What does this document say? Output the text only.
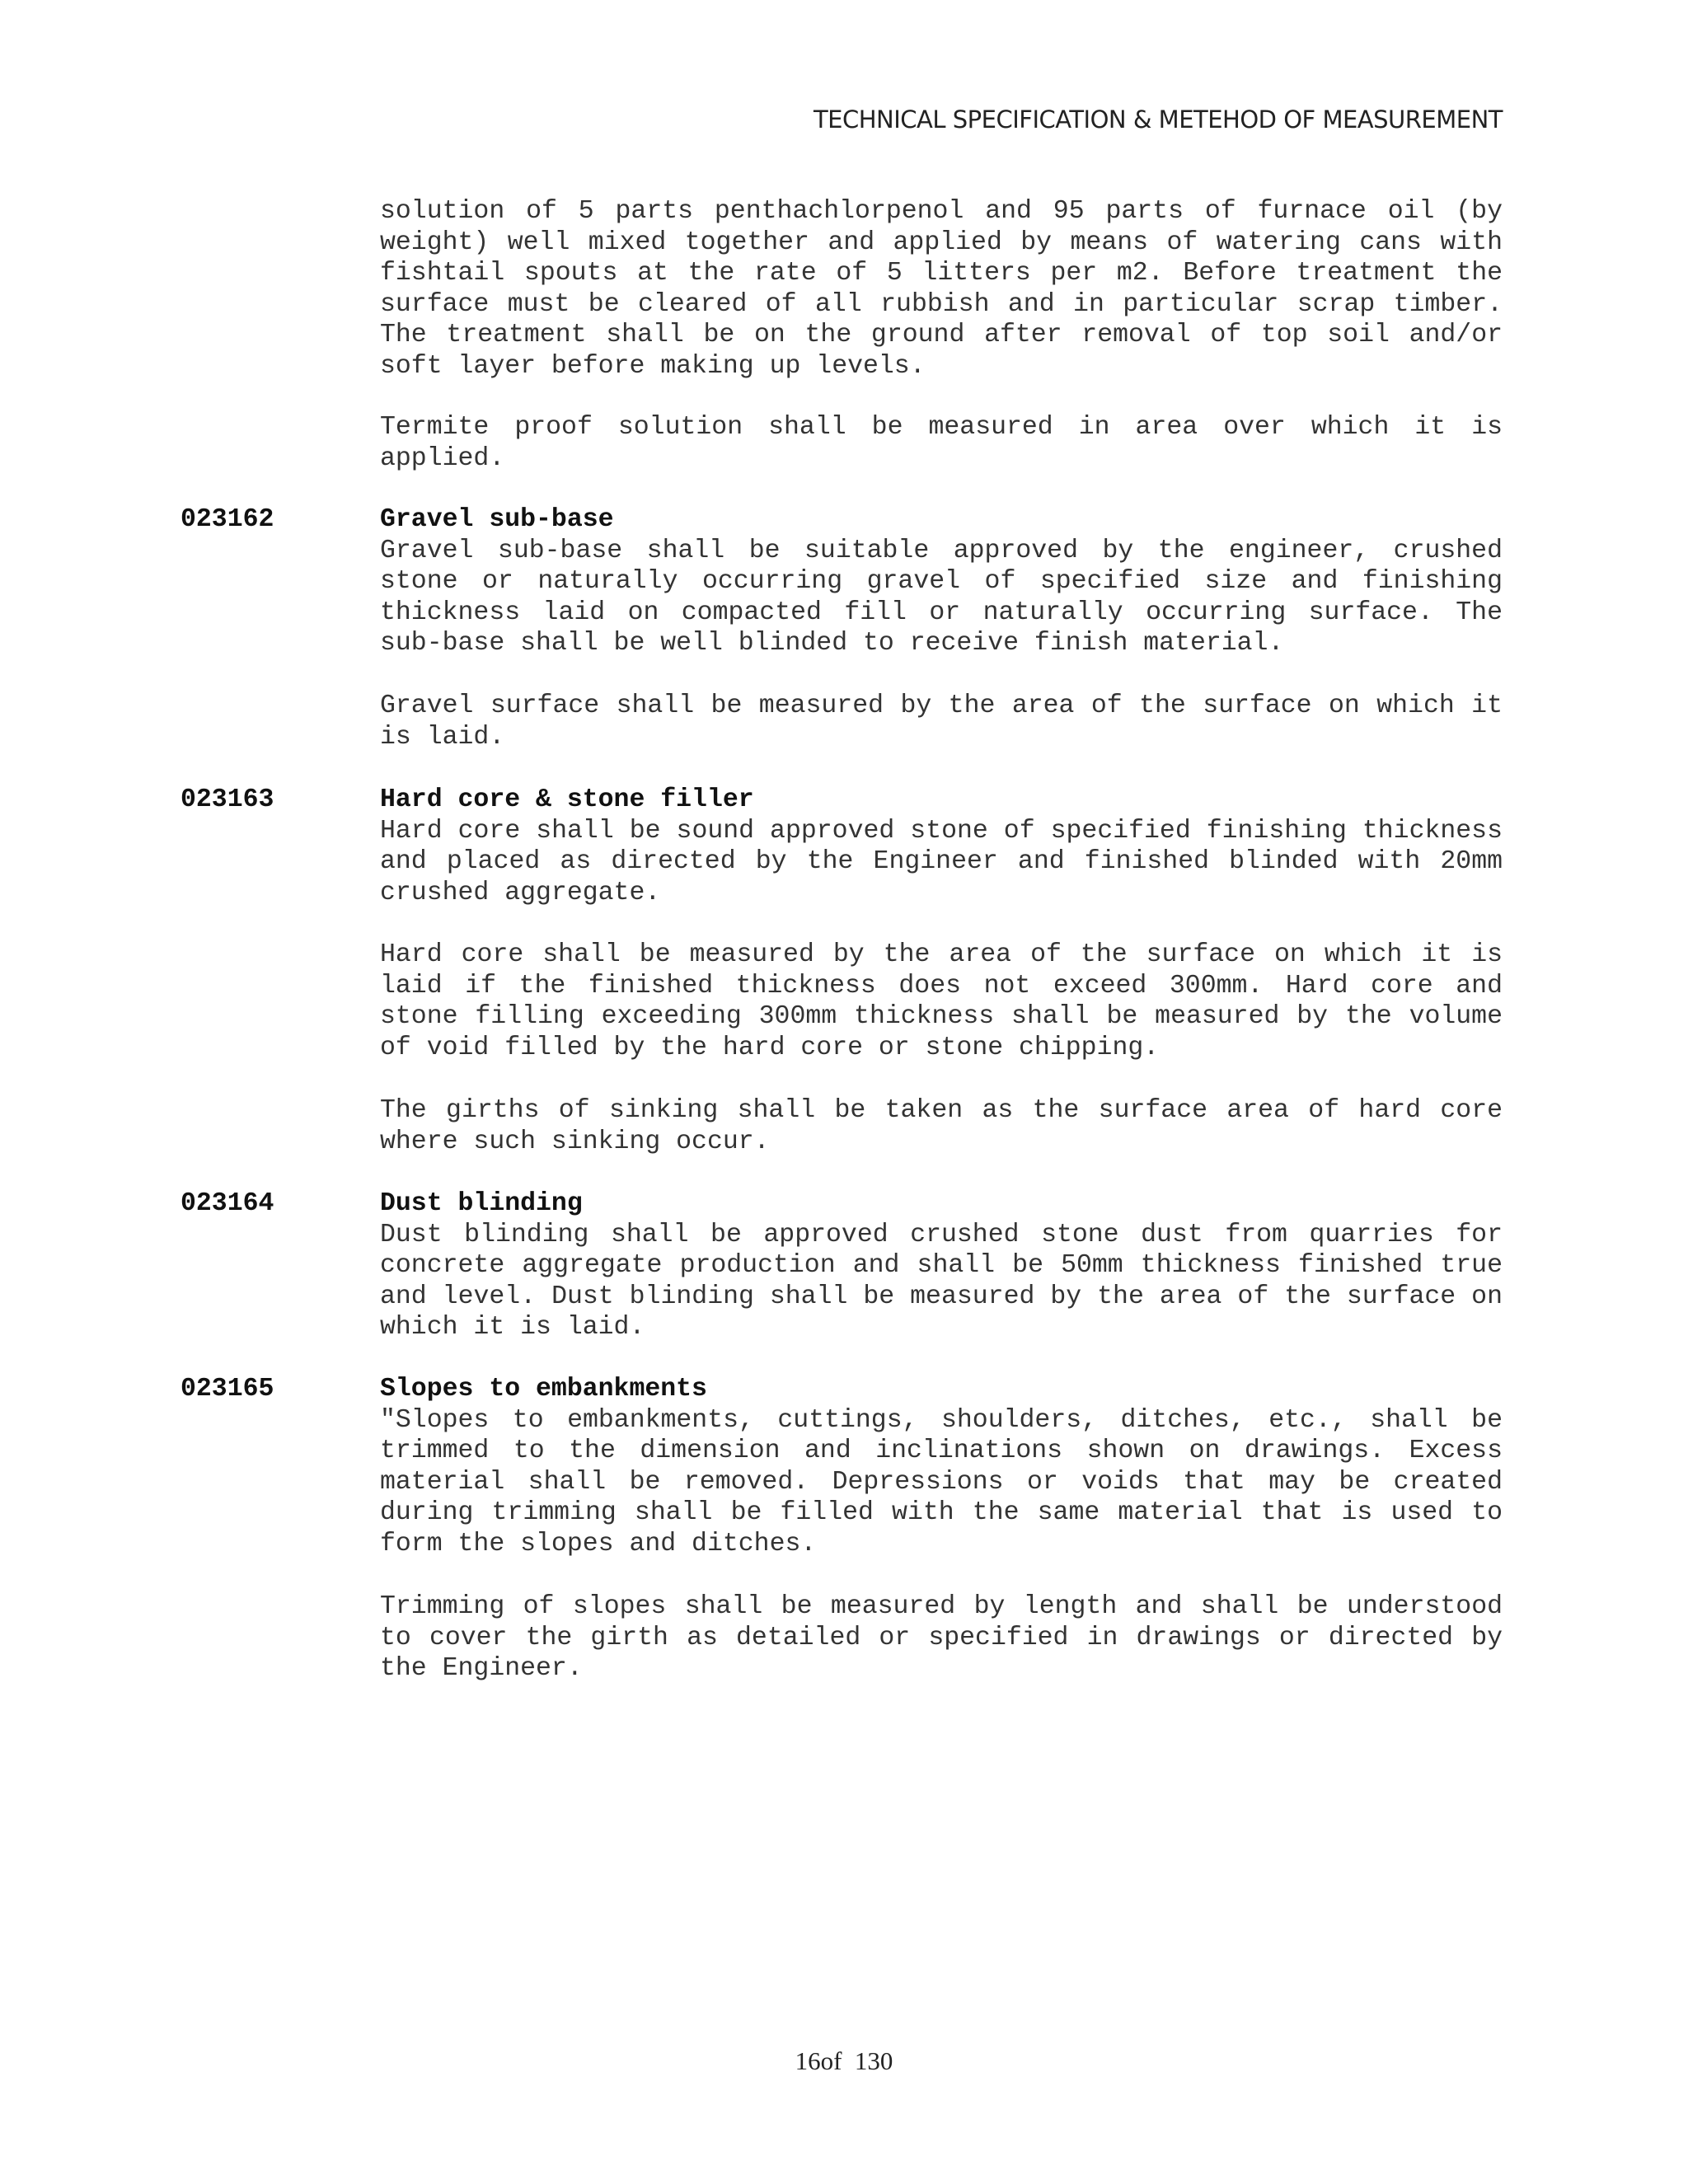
TECHNICAL SPECIFICATION & METEHOD OF MEASUREMENT

solution of 5 parts penthachlorpenol and 95 parts of furnace oil (by weight) well mixed together and applied by means of watering cans with fishtail spouts at the rate of 5 litters per m2. Before treatment the surface must be cleared of all rubbish and in particular scrap timber. The treatment shall be on the ground after removal of top soil and/or soft layer before making up levels.

Termite proof solution shall be measured in area over which it is applied.

023162	Gravel sub-base

Gravel sub-base shall be suitable approved by the engineer, crushed stone or naturally occurring gravel of specified size and finishing thickness laid on compacted fill or naturally occurring surface. The sub-base shall be well blinded to receive finish material.

Gravel surface shall be measured by the area of the surface on which it is laid.

023163	Hard core & stone filler

Hard core shall be sound approved stone of specified finishing thickness and placed as directed by the Engineer and finished blinded with 20mm crushed aggregate.

Hard core shall be measured by the area of the surface on which it is laid if the finished thickness does not exceed 300mm. Hard core and stone filling exceeding 300mm thickness shall be measured by the volume of void filled by the hard core or stone chipping.

The girths of sinking shall be taken as the surface area of hard core where such sinking occur.

023164	Dust blinding

Dust blinding shall be approved crushed stone dust from quarries for concrete aggregate production and shall be 50mm thickness finished true and level. Dust blinding shall be measured by the area of the surface on which it is laid.

023165	Slopes to embankments

"Slopes to embankments, cuttings, shoulders, ditches, etc., shall be trimmed to the dimension and inclinations shown on drawings. Excess material shall be removed. Depressions or voids that may be created during trimming shall be filled with the same material that is used to form the slopes and ditches.

Trimming of slopes shall be measured by length and shall be understood to cover the girth as detailed or specified in drawings or directed by the Engineer.

16of 130
